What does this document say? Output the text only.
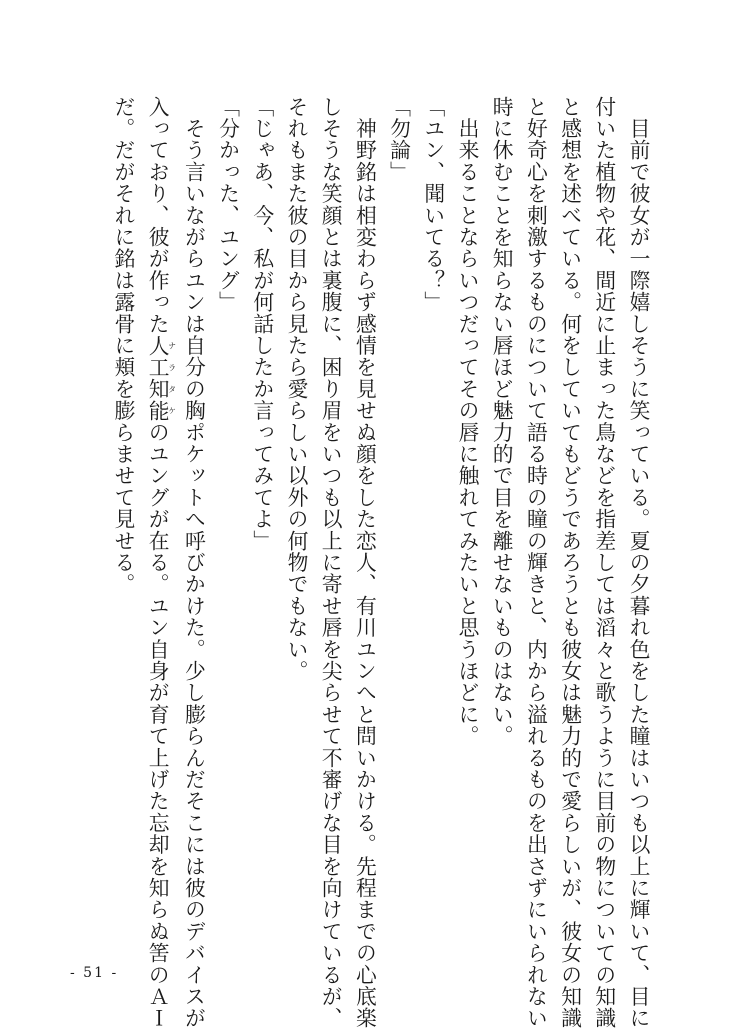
　目前で彼女が一際嬉しそうに笑っている。夏の夕暮れ色をした瞳はいつも以上に輝いて、目に
付いた植物や花、間近に止まった鳥などを指差しては滔々と歌うように目前の物についての知識
と感想を述べている。何をしていてもどうであろうとも彼女は魅力的で愛らしいが、彼女の知識
と好奇心を刺激するものについて語る時の瞳の輝きと、内から溢れるものを出さずにいられない
時に休むことを知らない唇ほど魅力的で目を離せないものはない。
　出来ることならいつだってその唇に触れてみたいと思うほどに。
「ユン、聞いてる？」
「勿論」
　神野銘は相変わらず感情を見せぬ顔をした恋人、有川ユンへと問いかける。先程までの心底楽
しそうな笑顔とは裏腹に、困り眉をいつも以上に寄せ唇を尖らせて不審げな目を向けているが、
それもまた彼の目から見たら愛らしい以外の何物でもない。
「じゃあ、今、私が何話したか言ってみてよ」
「分かった、ユング」
　そう言いながらユンは自分の胸ポケットへ呼びかけた。少し膨らんだそこには彼のデバイスが
入っており、彼が作った人工知能ナラタケのユングが在る。ユン自身が育て上げた忘却を知らぬ筈のＡＩ
だ。だがそれに銘は露骨に頬を膨らませて見せる。
- 51 -
